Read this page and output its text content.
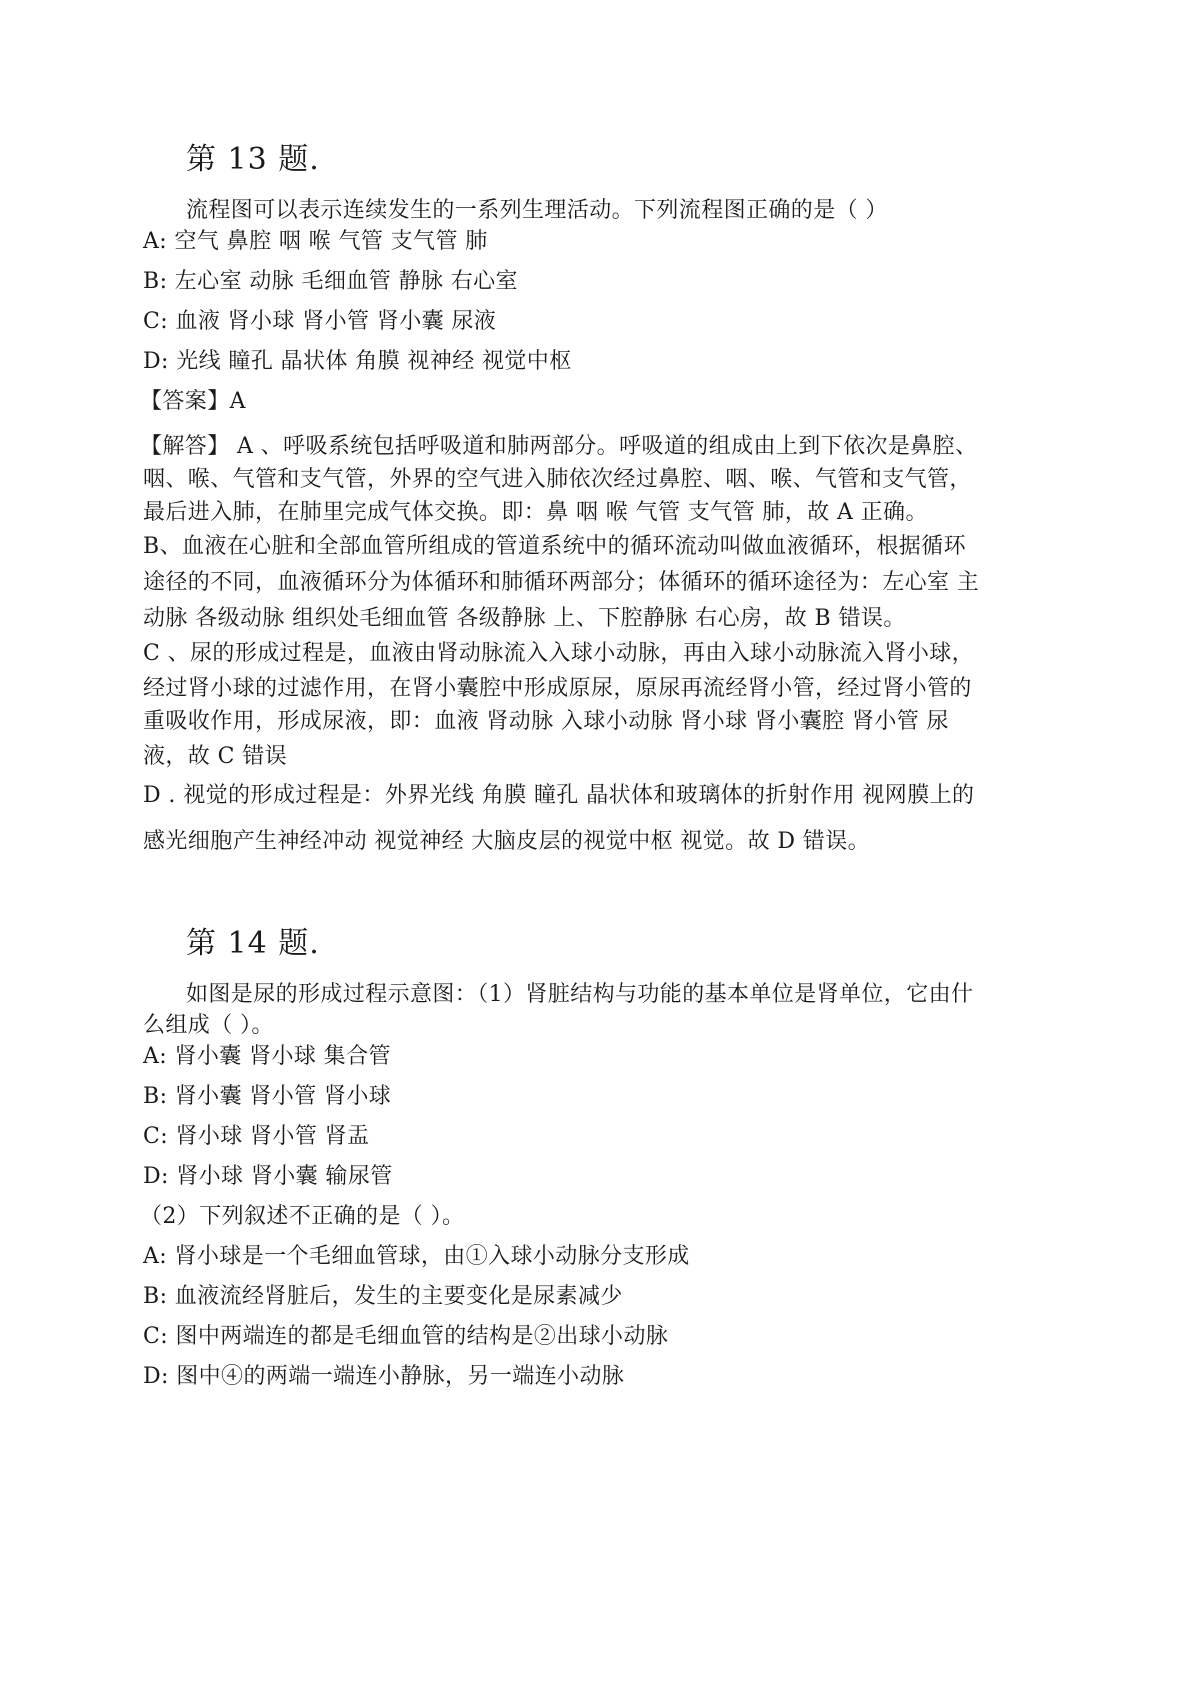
第 13 题.
流程图可以表示连续发生的一系列生理活动。下列流程图正确的是（ ）
A: 空气 鼻腔 咽 喉 气管 支气管 肺
B: 左心室 动脉 毛细血管 静脉 右心室
C: 血液 肾小球 肾小管 肾小囊 尿液
D: 光线 瞳孔 晶状体 角膜 视神经 视觉中枢
【答案】A
【解答】 A 、呼吸系统包括呼吸道和肺两部分。呼吸道的组成由上到下依次是鼻腔、
咽、喉、气管和支气管，外界的空气进入肺依次经过鼻腔、咽、喉、气管和支气管，
最后进入肺，在肺里完成气体交换。即：鼻 咽 喉 气管 支气管 肺，故 A 正确。
B、血液在心脏和全部血管所组成的管道系统中的循环流动叫做血液循环，根据循环
途径的不同，血液循环分为体循环和肺循环两部分；体循环的循环途径为：左心室 主
动脉 各级动脉 组织处毛细血管 各级静脉 上、下腔静脉 右心房，故 B 错误。
C 、尿的形成过程是，血液由肾动脉流入入球小动脉，再由入球小动脉流入肾小球，
经过肾小球的过滤作用，在肾小囊腔中形成原尿，原尿再流经肾小管，经过肾小管的
重吸收作用，形成尿液，即：血液 肾动脉 入球小动脉 肾小球 肾小囊腔 肾小管 尿
液，故 C 错误
D . 视觉的形成过程是：外界光线 角膜 瞳孔 晶状体和玻璃体的折射作用 视网膜上的
感光细胞产生神经冲动 视觉神经 大脑皮层的视觉中枢 视觉。故 D 错误。
第 14 题.
如图是尿的形成过程示意图：（1）肾脏结构与功能的基本单位是肾单位，它由什
么组成（ ）。
A: 肾小囊 肾小球 集合管
B: 肾小囊 肾小管 肾小球
C: 肾小球 肾小管 肾盂
D: 肾小球 肾小囊 输尿管
（2）下列叙述不正确的是（ ）。
A: 肾小球是一个毛细血管球，由①入球小动脉分支形成
B: 血液流经肾脏后，发生的主要变化是尿素减少
C: 图中两端连的都是毛细血管的结构是②出球小动脉
D: 图中④的两端一端连小静脉，另一端连小动脉
